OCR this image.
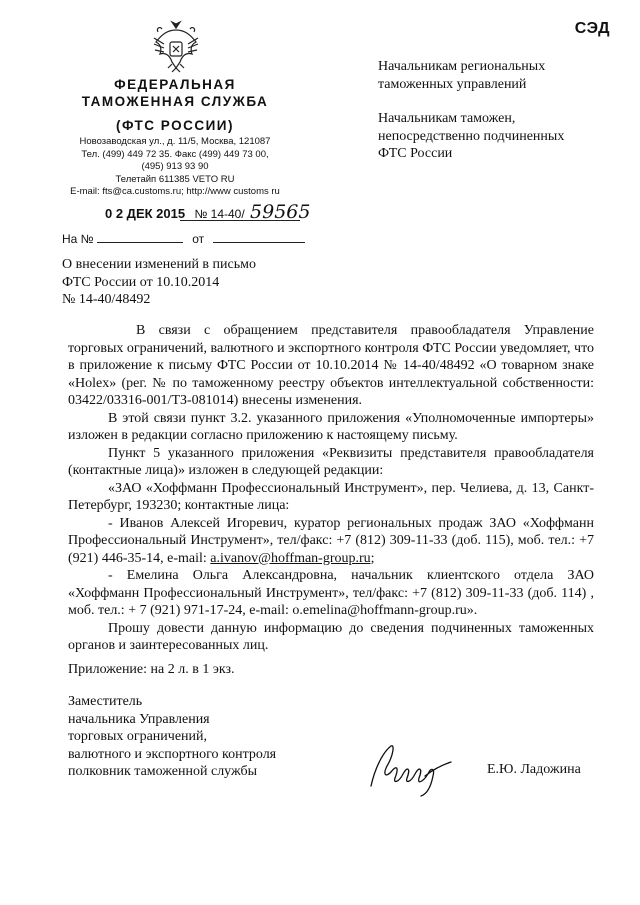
СЭД
ФЕДЕРАЛЬНАЯ
ТАМОЖЕННАЯ СЛУЖБА
(ФТС РОССИИ)
Новозаводская ул., д. 11/5, Москва, 121087
Тел. (499) 449 72 35. Факс (499) 449 73 00,
(495) 913 93 90
Телетайп 611385 VETO RU
E-mail: fts@ca.customs.ru; http://www customs ru
0 2 ДЕК 2015 № 14-40/ 59565
На №	от
Начальникам региональных
таможенных управлений
Начальникам таможен,
непосредственно подчиненных
ФТС России
О внесении изменений в письмо
ФТС России от 10.10.2014
№ 14-40/48492

В связи с обращением представителя правообладателя Управление торговых ограничений, валютного и экспортного контроля ФТС России уведомляет, что в приложение к письму ФТС России от 10.10.2014 № 14-40/48492 «О товарном знаке «Holex» (рег. № по таможенному реестру объектов интеллектуальной собственности: 03422/03316-001/ТЗ-081014) внесены изменения.

В этой связи пункт 3.2. указанного приложения «Уполномоченные импортеры» изложен в редакции согласно приложению к настоящему письму.

Пункт 5 указанного приложения «Реквизиты представителя правообладателя (контактные лица)» изложен в следующей редакции:

«ЗАО «Хоффманн Профессиональный Инструмент», пер. Челиева, д. 13, Санкт-Петербург, 193230; контактные лица:

- Иванов Алексей Игоревич, куратор региональных продаж ЗАО «Хоффманн Профессиональный Инструмент», тел/факс: +7 (812) 309-11-33 (доб. 115), моб. тел.: +7 (921) 446-35-14, e-mail: a.ivanov@hoffman-group.ru;

- Емелина Ольга Александровна, начальник клиентского отдела ЗАО «Хоффманн Профессиональный Инструмент», тел/факс: +7 (812) 309-11-33 (доб. 114) , моб. тел.: + 7 (921) 971-17-24, e-mail: o.emelina@hoffmann-group.ru».

Прошу довести данную информацию до сведения подчиненных таможенных органов и заинтересованных лиц.

Приложение: на 2 л. в 1 экз.
Заместитель
начальника Управления
торговых ограничений,
валютного и экспортного контроля
полковник таможенной службы	Е.Ю. Ладожина
